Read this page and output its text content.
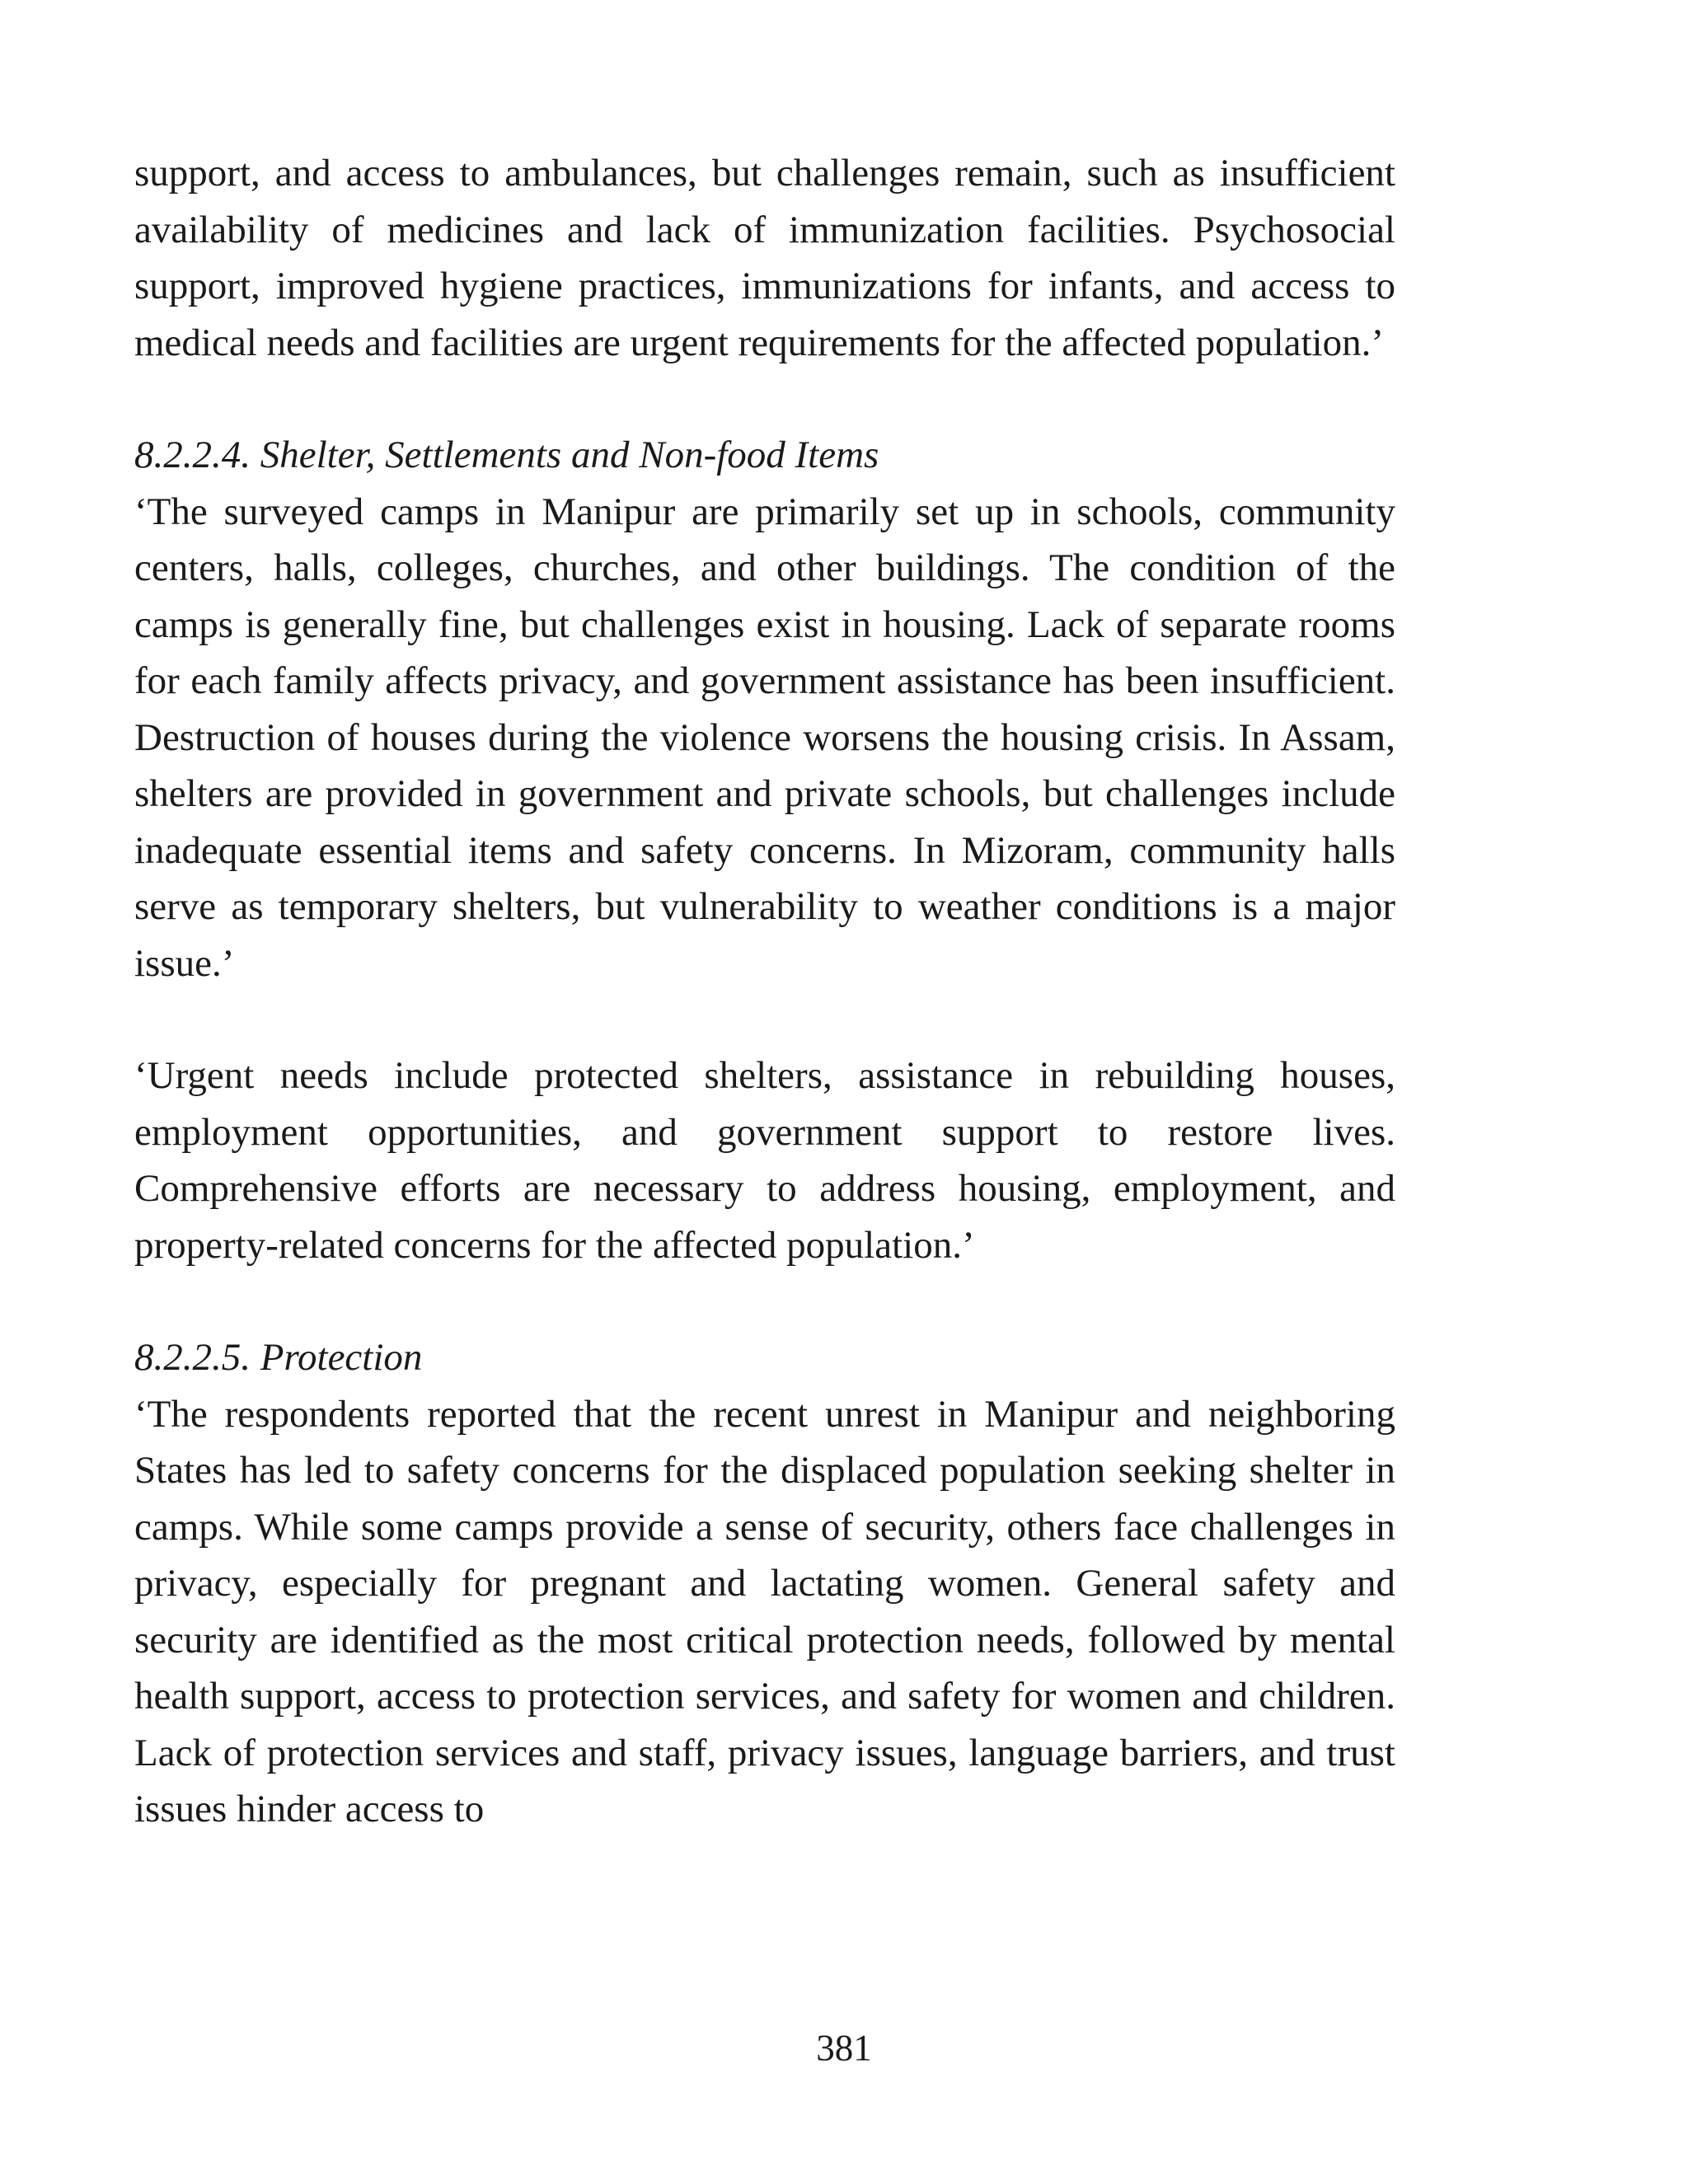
support, and access to ambulances, but challenges remain, such as insufficient availability of medicines and lack of immunization facilities. Psychosocial support, improved hygiene practices, immunizations for infants, and access to medical needs and facilities are urgent requirements for the affected population.’

8.2.2.4. Shelter, Settlements and Non-food Items

‘The surveyed camps in Manipur are primarily set up in schools, community centers, halls, colleges, churches, and other buildings. The condition of the camps is generally fine, but challenges exist in housing. Lack of separate rooms for each family affects privacy, and government assistance has been insufficient. Destruction of houses during the violence worsens the housing crisis. In Assam, shelters are provided in government and private schools, but challenges include inadequate essential items and safety concerns. In Mizoram, community halls serve as temporary shelters, but vulnerability to weather conditions is a major issue.’

‘Urgent needs include protected shelters, assistance in rebuilding houses, employment opportunities, and government support to restore lives. Comprehensive efforts are necessary to address housing, employment, and property-related concerns for the affected population.’

8.2.2.5. Protection

‘The respondents reported that the recent unrest in Manipur and neighboring States has led to safety concerns for the displaced population seeking shelter in camps. While some camps provide a sense of security, others face challenges in privacy, especially for pregnant and lactating women. General safety and security are identified as the most critical protection needs, followed by mental health support, access to protection services, and safety for women and children. Lack of protection services and staff, privacy issues, language barriers, and trust issues hinder access to

381
